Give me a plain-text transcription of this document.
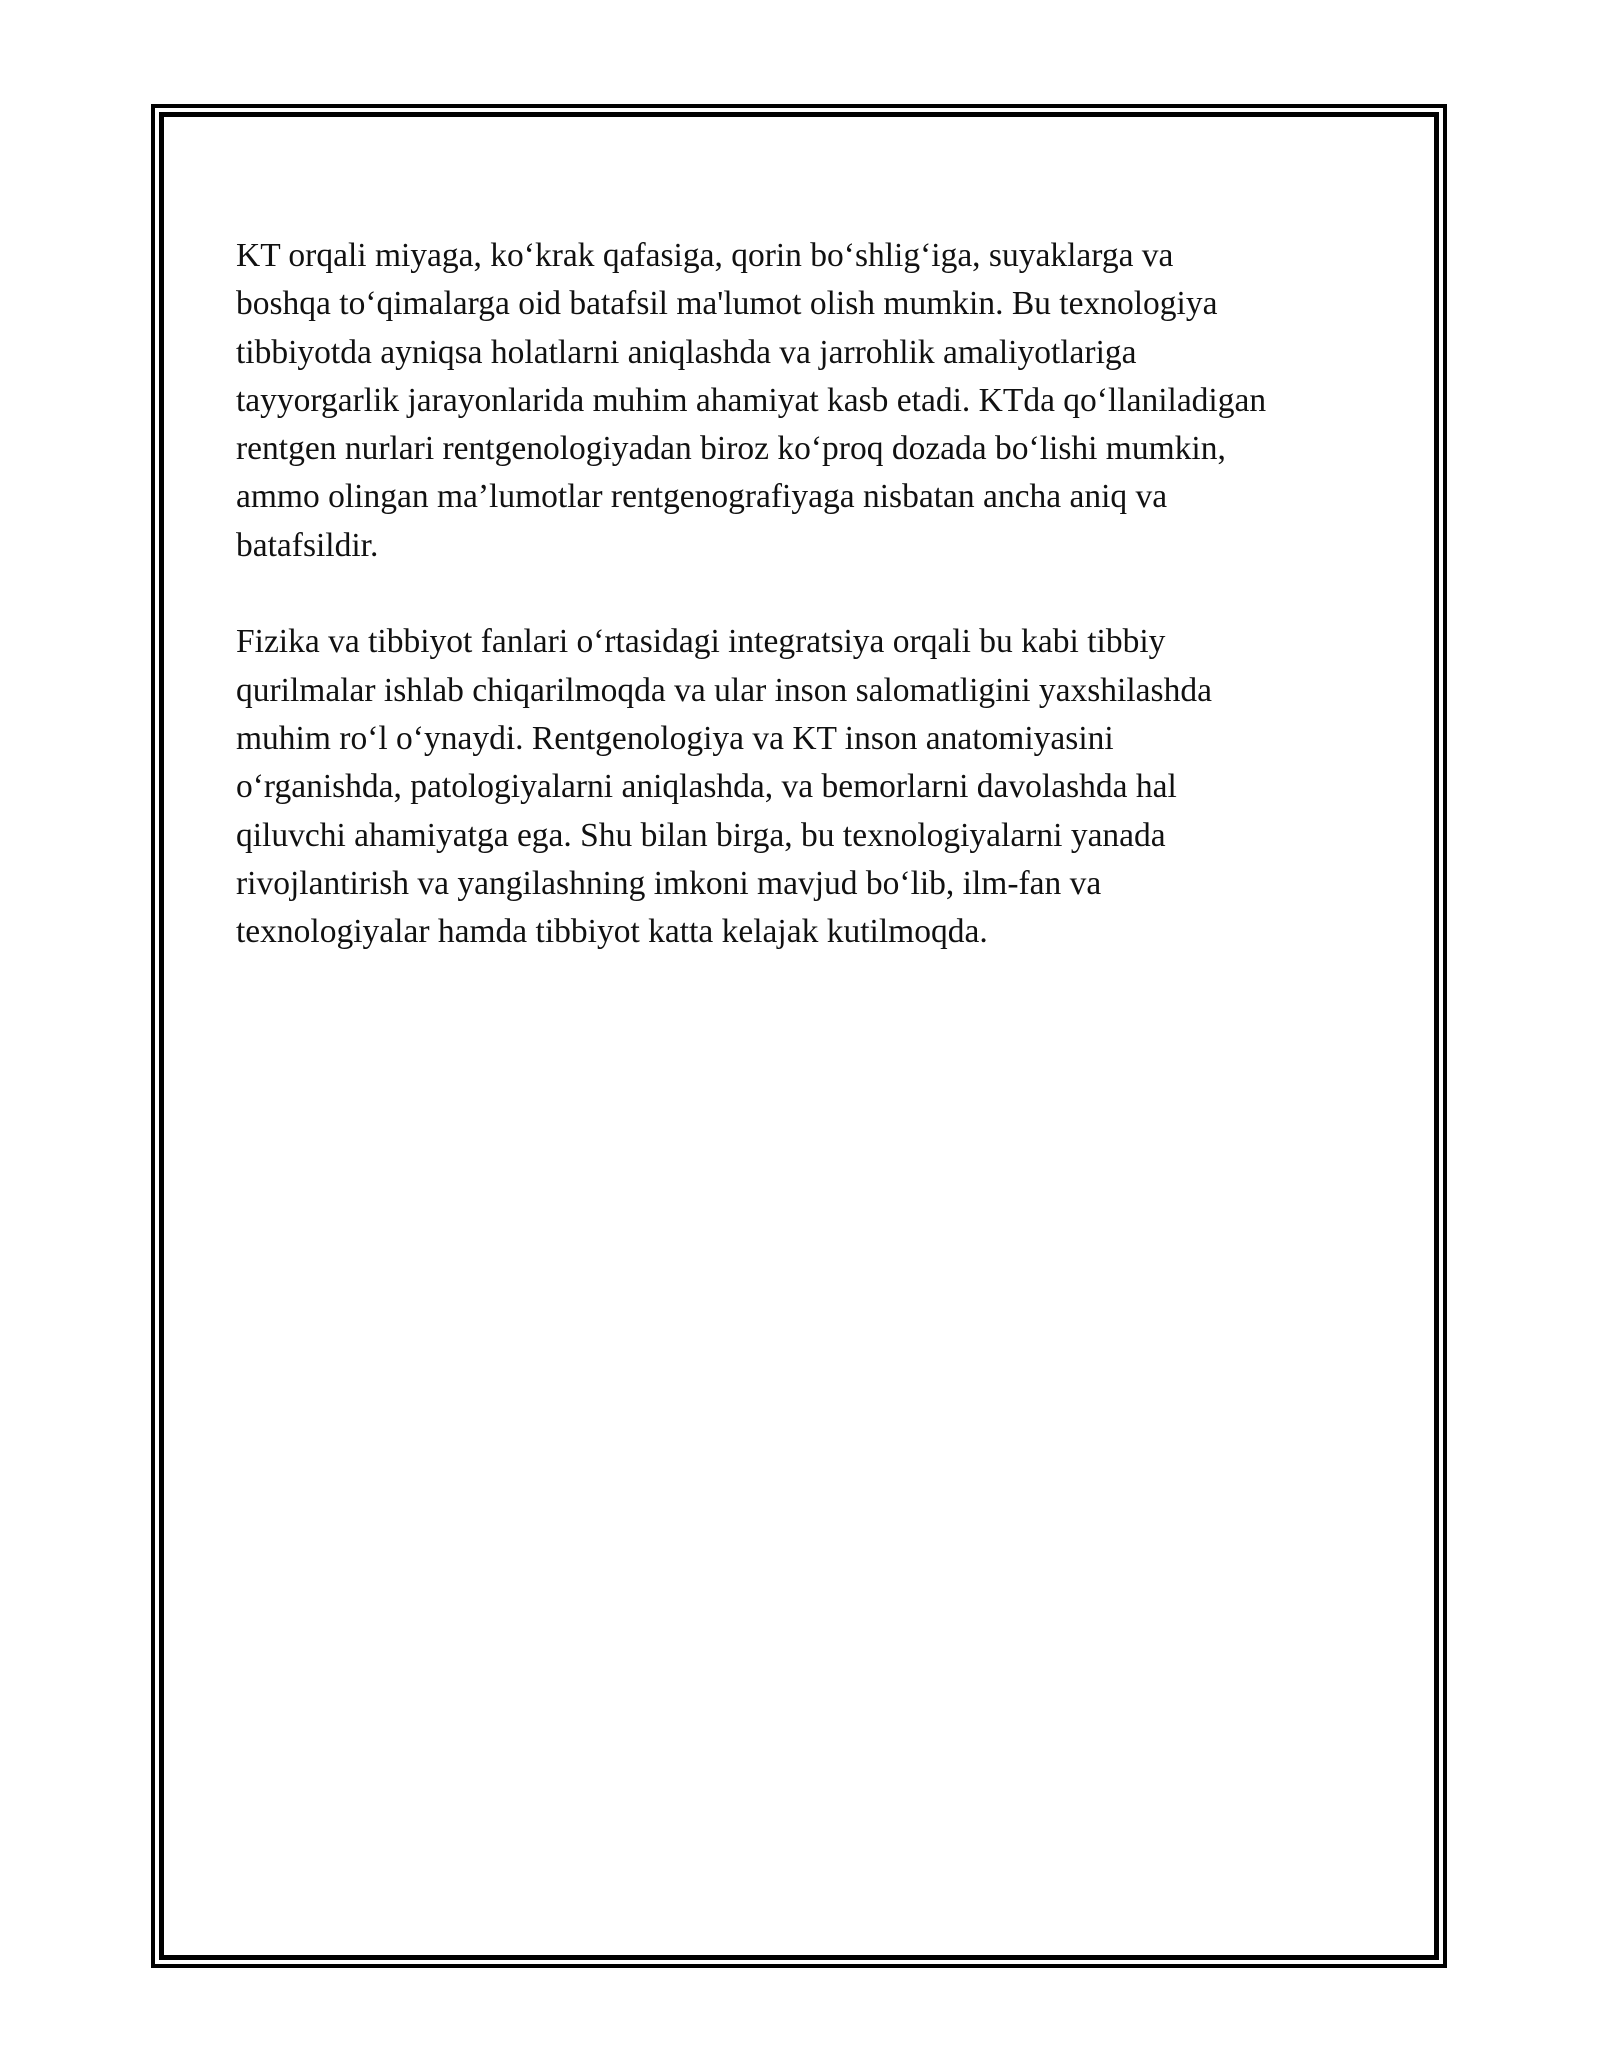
KT orqali miyaga, ko‘krak qafasiga, qorin bo‘shlig‘iga, suyaklarga va
boshqa to‘qimalarga oid batafsil ma'lumot olish mumkin. Bu texnologiya
tibbiyotda ayniqsa holatlarni aniqlashda va jarrohlik amaliyotlariga
tayyorgarlik jarayonlarida muhim ahamiyat kasb etadi. KTda qo‘llaniladigan
rentgen nurlari rentgenologiyadan biroz ko‘proq dozada bo‘lishi mumkin,
ammo olingan ma’lumotlar rentgenografiyaga nisbatan ancha aniq va
batafsildir.

Fizika va tibbiyot fanlari o‘rtasidagi integratsiya orqali bu kabi tibbiy
qurilmalar ishlab chiqarilmoqda va ular inson salomatligini yaxshilashda
muhim ro‘l o‘ynaydi. Rentgenologiya va KT inson anatomiyasini
o‘rganishda, patologiyalarni aniqlashda, va bemorlarni davolashda hal
qiluvchi ahamiyatga ega. Shu bilan birga, bu texnologiyalarni yanada
rivojlantirish va yangilashning imkoni mavjud bo‘lib, ilm-fan va
texnologiyalar hamda tibbiyot katta kelajak kutilmoqda.
